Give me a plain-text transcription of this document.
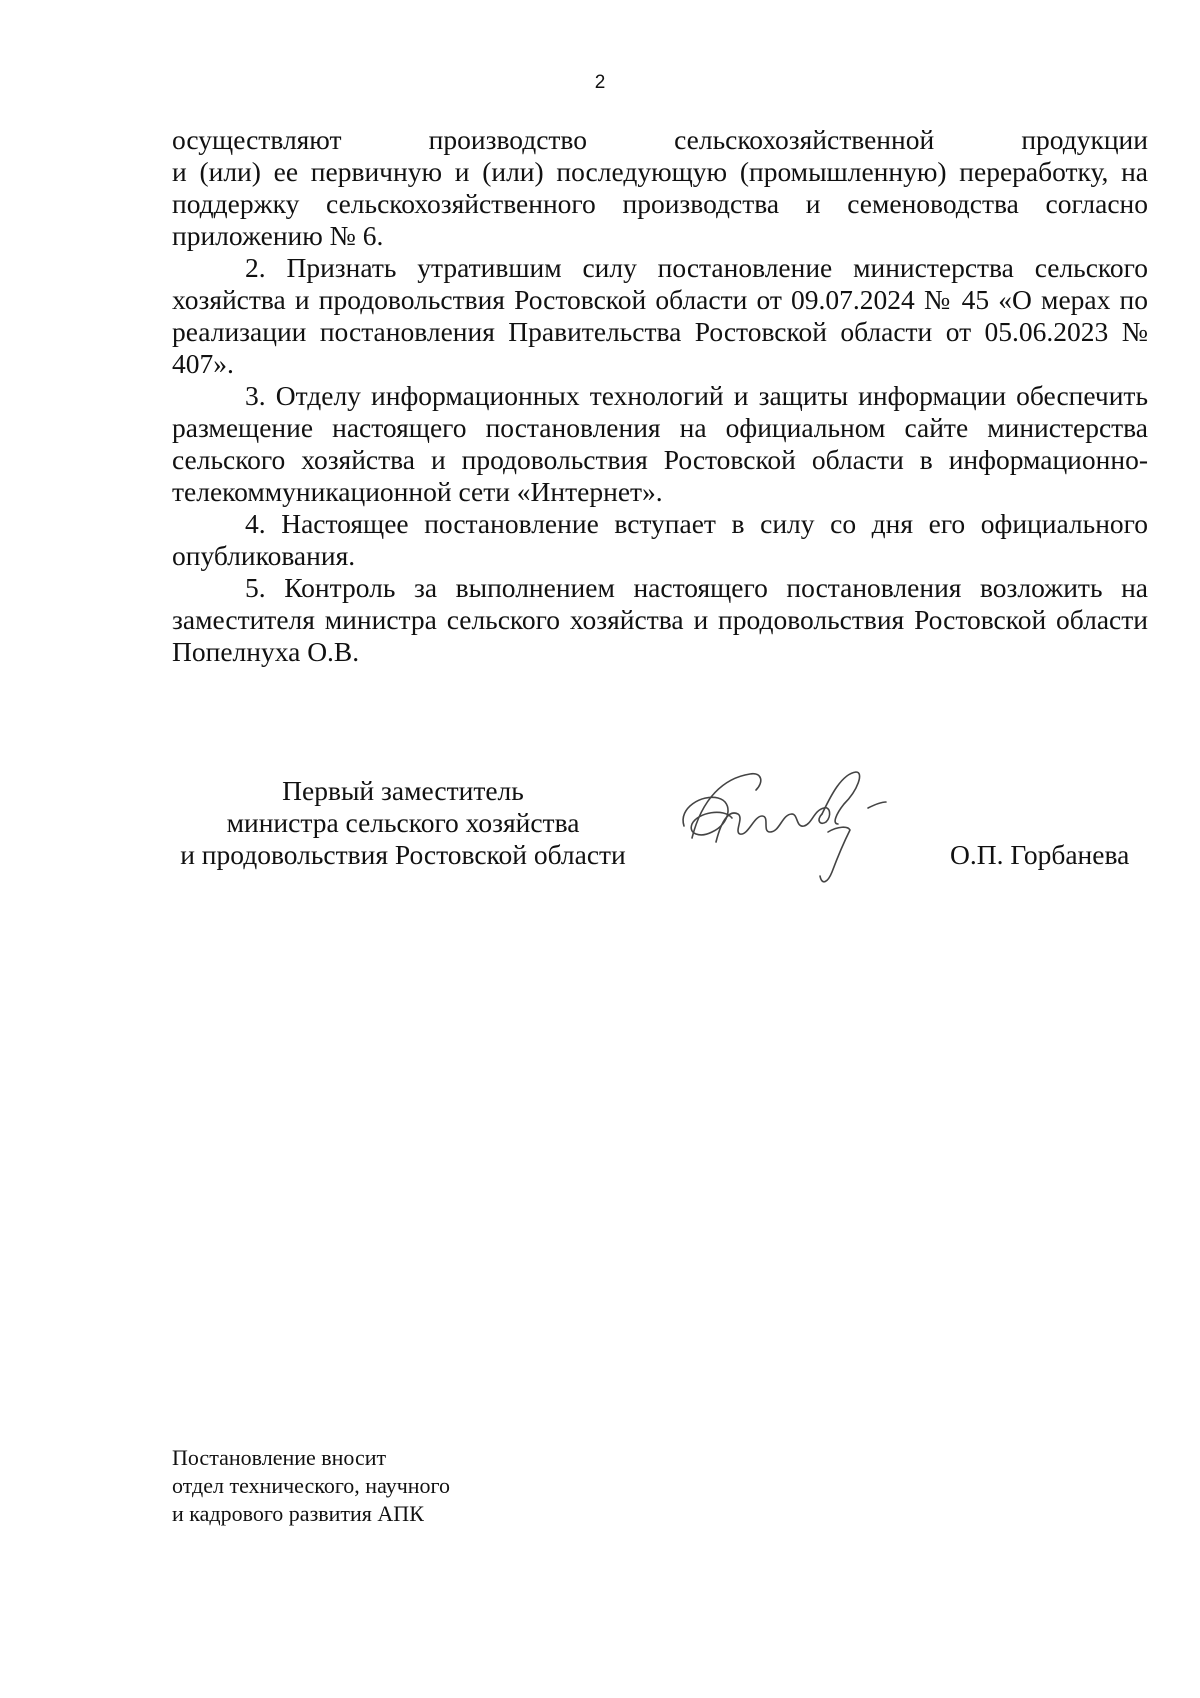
2

осуществляют производство сельскохозяйственной продукции

и (или) ее первичную и (или) последующую (промышленную) переработку, на поддержку сельскохозяйственного производства и семеноводства согласно приложению № 6.

2. Признать утратившим силу постановление министерства сельского хозяйства и продовольствия Ростовской области от 09.07.2024 № 45 «О мерах по реализации постановления Правительства Ростовской области от 05.06.2023 № 407».

3. Отделу информационных технологий и защиты информации обеспечить размещение настоящего постановления на официальном сайте министерства сельского хозяйства и продовольствия Ростовской области в информационно-телекоммуникационной сети «Интернет».

4. Настоящее постановление вступает в силу со дня его официального опубликования.

5. Контроль за выполнением настоящего постановления возложить на заместителя министра сельского хозяйства и продовольствия Ростовской области Попелнуха О.В.

Первый заместитель
министра сельского хозяйства
и продовольствия Ростовской области	О.П. Горбанева
Постановление вносит
отдел технического, научного
и кадрового развития АПК
